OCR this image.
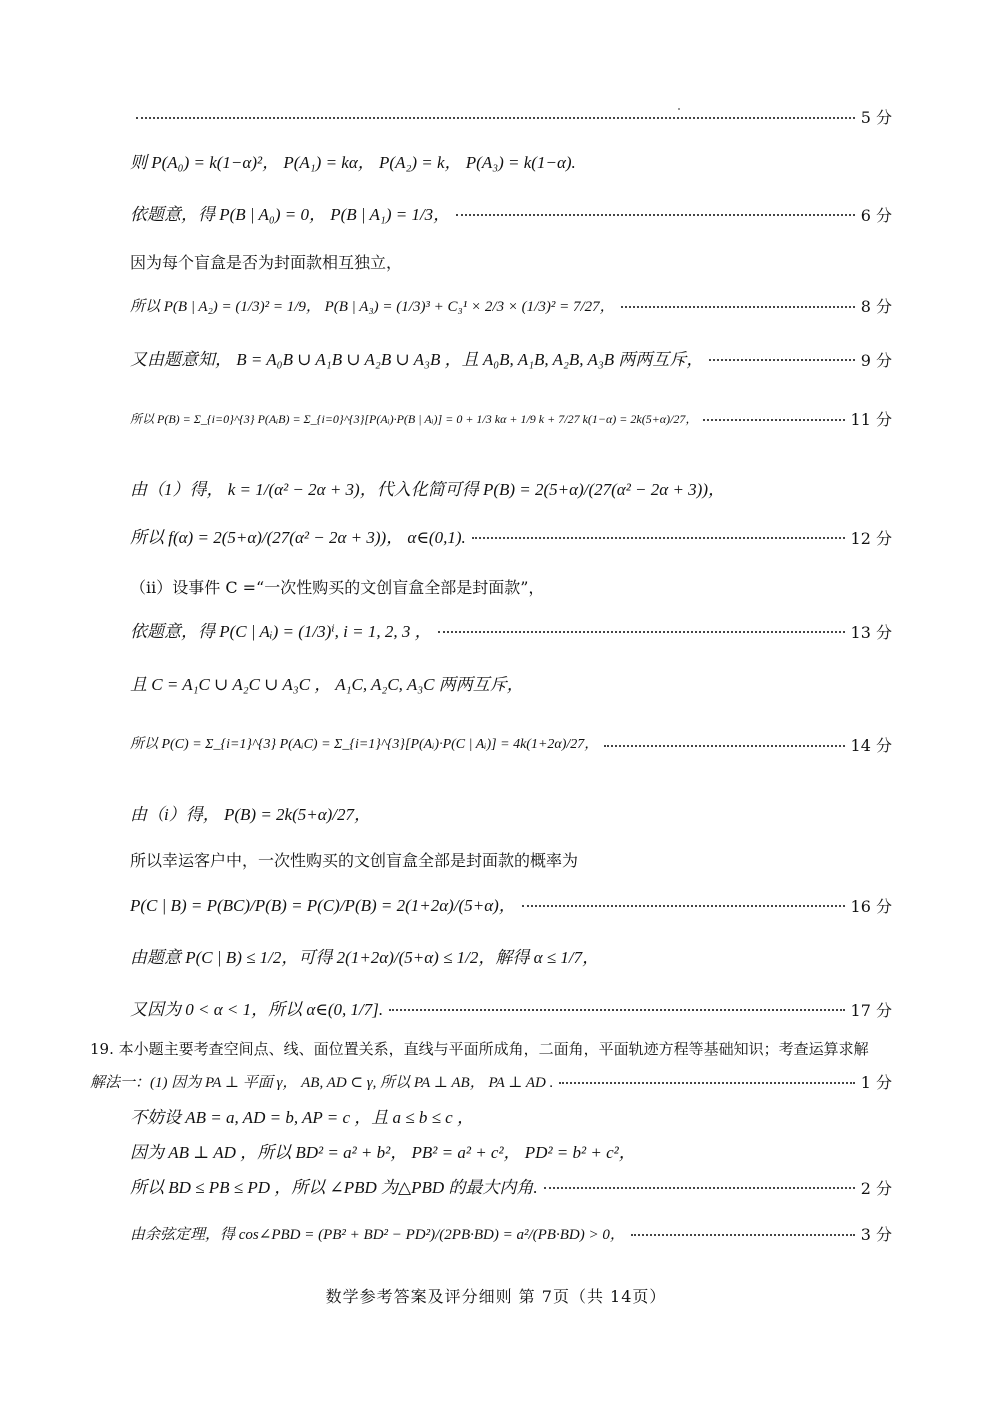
5 分
则 P(A₀) = k(1−α)²， P(A₁) = kα， P(A₂) = k， P(A₃) = k(1−α).
依题意，得 P(B | A₀) = 0， P(B | A₁) = 1/3，	6 分
因为每个盲盒是否为封面款相互独立，
所以 P(B | A₂) = (1/3)² = 1/9， P(B | A₃) = (1/3)³ + C₃¹ × 2/3 × (1/3)² = 7/27，	8 分
又由题意知， B = A₀B ∪ A₁B ∪ A₂B ∪ A₃B ，且 A₀B, A₁B, A₂B, A₃B 两两互斥，	9 分
所以 P(B) = Σ_{i=0}^{3} P(AᵢB) = Σ_{i=0}^{3}[P(Aᵢ)·P(B | Aᵢ)] = 0 + 1/3 kα + 1/9 k + 7/27 k(1−α) = 2k(5+α)/27，	11 分
由（1）得， k = 1/(α² − 2α + 3)，代入化简可得 P(B) = 2(5+α)/(27(α² − 2α + 3))，
所以 f(α) = 2(5+α)/(27(α² − 2α + 3))， α∈(0,1).	12 分
（ii）设事件 C =“一次性购买的文创盲盒全部是封面款”，
依题意，得 P(C | Aᵢ) = (1/3)ⁱ, i = 1, 2, 3 ，	13 分
且 C = A₁C ∪ A₂C ∪ A₃C ， A₁C, A₂C, A₃C 两两互斥，
所以 P(C) = Σ_{i=1}^{3} P(AᵢC) = Σ_{i=1}^{3}[P(Aᵢ)·P(C | Aᵢ)] = 4k(1+2α)/27，	14 分
由（i）得， P(B) = 2k(5+α)/27，
所以幸运客户中，一次性购买的文创盲盒全部是封面款的概率为
P(C | B) = P(BC)/P(B) = P(C)/P(B) = 2(1+2α)/(5+α)，	16 分
由题意 P(C | B) ≤ 1/2，可得 2(1+2α)/(5+α) ≤ 1/2，解得 α ≤ 1/7，
又因为 0 < α < 1，所以 α∈(0, 1/7].	17 分
19. 本小题主要考查空间点、线、面位置关系，直线与平面所成角，二面角，平面轨迹方程等基础知识；考查运算求解
解法一：(1) 因为 PA ⊥ 平面 γ， AB, AD ⊂ γ, 所以 PA ⊥ AB， PA ⊥ AD .	1 分
不妨设 AB = a, AD = b, AP = c ，且 a ≤ b ≤ c ，
因为 AB ⊥ AD ，所以 BD² = a² + b²， PB² = a² + c²， PD² = b² + c²，
所以 BD ≤ PB ≤ PD ，所以 ∠PBD 为△PBD 的最大内角.	2 分
由余弦定理，得 cos∠PBD = (PB² + BD² − PD²)/(2PB·BD) = a²/(PB·BD) > 0，	3 分
数学参考答案及评分细则 第 7页（共 14页）
